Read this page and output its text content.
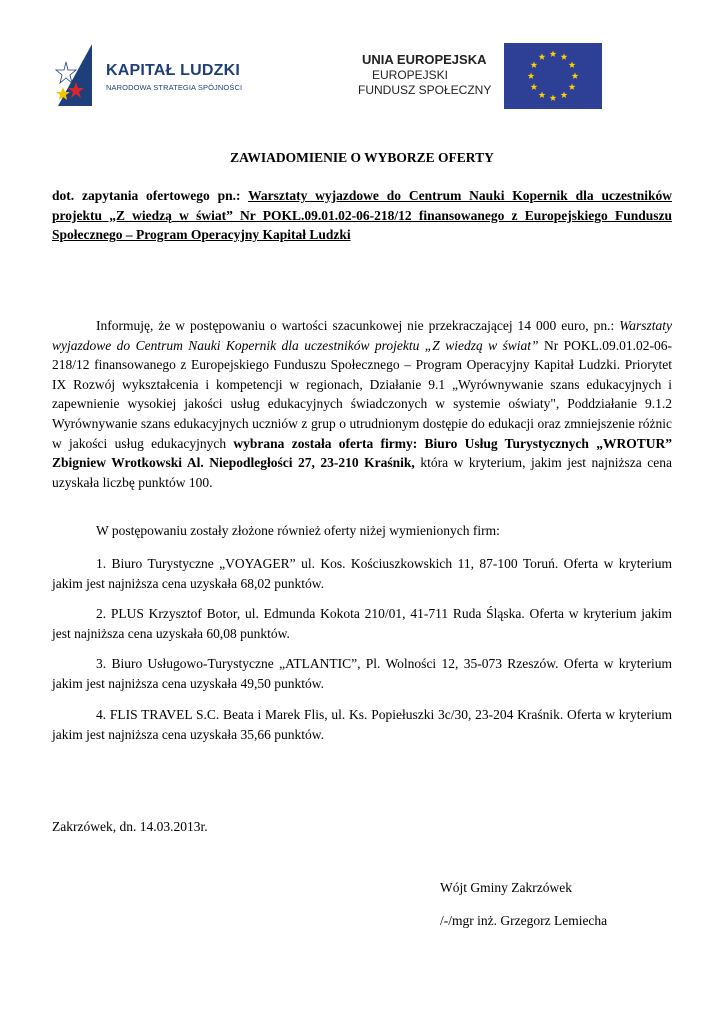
KAPITAŁ LUDZKI
NARODOWA STRATEGIA SPÓJNOŚCI
UNIA EUROPEJSKA
EUROPEJSKI
FUNDUSZ SPOŁECZNY
ZAWIADOMIENIE O WYBORZE OFERTY
dot. zapytania ofertowego pn.: Warsztaty wyjazdowe do Centrum Nauki Kopernik dla uczestników projektu „Z wiedzą w świat” Nr POKL.09.01.02-06-218/12 finansowanego z Europejskiego Funduszu Społecznego – Program Operacyjny Kapitał Ludzki
Informuję, że w postępowaniu o wartości szacunkowej nie przekraczającej 14 000 euro, pn.: Warsztaty wyjazdowe do Centrum Nauki Kopernik dla uczestników projektu „Z wiedzą w świat” Nr POKL.09.01.02-06-218/12 finansowanego z Europejskiego Funduszu Społecznego – Program Operacyjny Kapitał Ludzki. Priorytet IX Rozwój wykształcenia i kompetencji w regionach, Działanie 9.1 „Wyrównywanie szans edukacyjnych i zapewnienie wysokiej jakości usług edukacyjnych świadczonych w systemie oświaty", Poddziałanie 9.1.2 Wyrównywanie szans edukacyjnych uczniów z grup o utrudnionym dostępie do edukacji oraz zmniejszenie różnic w jakości usług edukacyjnych wybrana została oferta firmy: Biuro Usług Turystycznych „WROTUR” Zbigniew Wrotkowski Al. Niepodległości 27, 23-210 Kraśnik, która w kryterium, jakim jest najniższa cena uzyskała liczbę punktów 100.
W postępowaniu zostały złożone również oferty niżej wymienionych firm:
1. Biuro Turystyczne „VOYAGER” ul. Kos. Kościuszkowskich 11, 87-100 Toruń. Oferta w kryterium jakim jest najniższa cena uzyskała 68,02 punktów.
2. PLUS Krzysztof Botor, ul. Edmunda Kokota 210/01, 41-711 Ruda Śląska. Oferta w kryterium jakim jest najniższa cena uzyskała 60,08 punktów.
3. Biuro Usługowo-Turystyczne „ATLANTIC”, Pl. Wolności 12, 35-073 Rzeszów. Oferta w kryterium jakim jest najniższa cena uzyskała 49,50 punktów.
4. FLIS TRAVEL S.C. Beata i Marek Flis, ul. Ks. Popiełuszki 3c/30, 23-204 Kraśnik. Oferta w kryterium jakim jest najniższa cena uzyskała 35,66 punktów.
Zakrzówek, dn. 14.03.2013r.
Wójt Gminy Zakrzówek
/-/mgr inż. Grzegorz Lemiecha
